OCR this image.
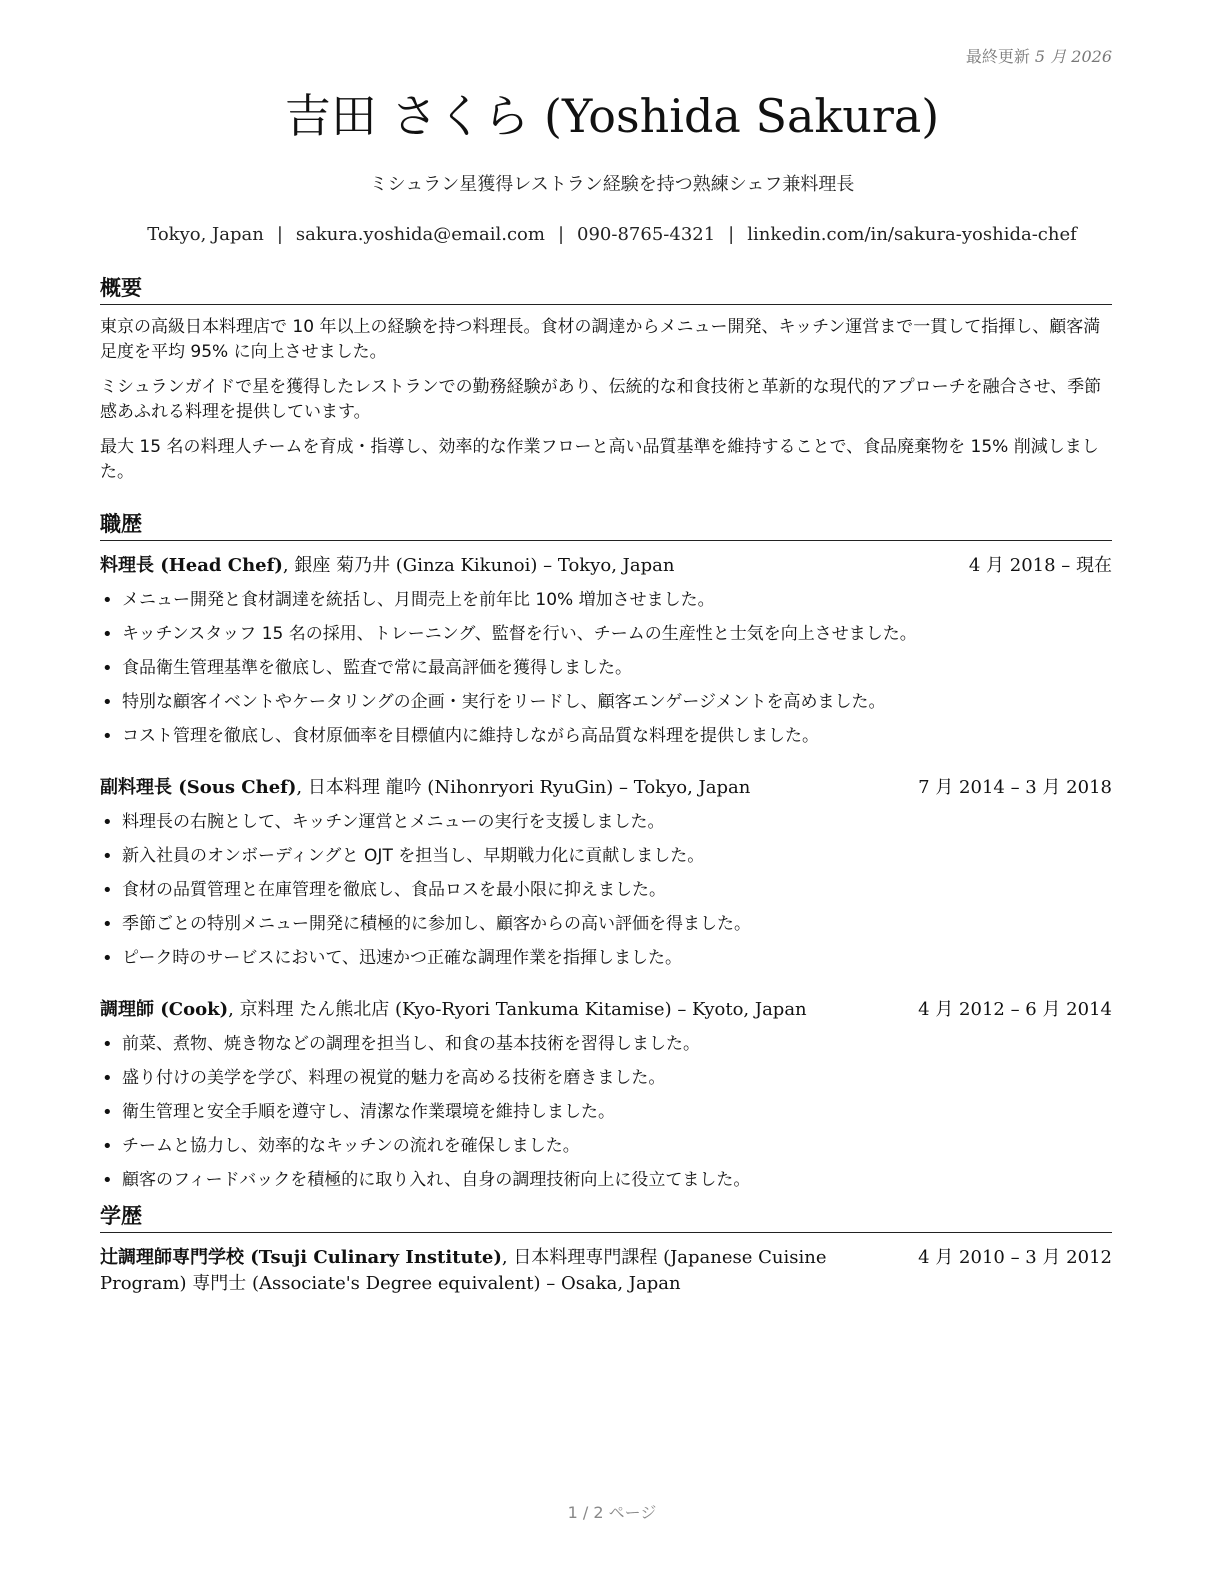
最終更新 5 月 2026
吉田 さくら (Yoshida Sakura)
ミシュラン星獲得レストラン経験を持つ熟練シェフ兼料理長
Tokyo, Japan | sakura.yoshida@email.com | 090-8765-4321 | linkedin.com/in/sakura-yoshida-chef
概要
東京の高級日本料理店で 10 年以上の経験を持つ料理長。食材の調達からメニュー開発、キッチン運営まで一貫して指揮し、顧客満足度を平均 95% に向上させました。
ミシュランガイドで星を獲得したレストランでの勤務経験があり、伝統的な和食技術と革新的な現代的アプローチを融合させ、季節感あふれる料理を提供しています。
最大 15 名の料理人チームを育成・指導し、効率的な作業フローと高い品質基準を維持することで、食品廃棄物を 15% 削減しました。
職歴
料理長 (Head Chef), 銀座 菊乃井 (Ginza Kikunoi) – Tokyo, Japan	4 月 2018 – 現在
• メニュー開発と食材調達を統括し、月間売上を前年比 10% 増加させました。
• キッチンスタッフ 15 名の採用、トレーニング、監督を行い、チームの生産性と士気を向上させました。
• 食品衛生管理基準を徹底し、監査で常に最高評価を獲得しました。
• 特別な顧客イベントやケータリングの企画・実行をリードし、顧客エンゲージメントを高めました。
• コスト管理を徹底し、食材原価率を目標値内に維持しながら高品質な料理を提供しました。
副料理長 (Sous Chef), 日本料理 龍吟 (Nihonryori RyuGin) – Tokyo, Japan	7 月 2014 – 3 月 2018
• 料理長の右腕として、キッチン運営とメニューの実行を支援しました。
• 新入社員のオンボーディングと OJT を担当し、早期戦力化に貢献しました。
• 食材の品質管理と在庫管理を徹底し、食品ロスを最小限に抑えました。
• 季節ごとの特別メニュー開発に積極的に参加し、顧客からの高い評価を得ました。
• ピーク時のサービスにおいて、迅速かつ正確な調理作業を指揮しました。
調理師 (Cook), 京料理 たん熊北店 (Kyo-Ryori Tankuma Kitamise) – Kyoto, Japan	4 月 2012 – 6 月 2014
• 前菜、煮物、焼き物などの調理を担当し、和食の基本技術を習得しました。
• 盛り付けの美学を学び、料理の視覚的魅力を高める技術を磨きました。
• 衛生管理と安全手順を遵守し、清潔な作業環境を維持しました。
• チームと協力し、効率的なキッチンの流れを確保しました。
• 顧客のフィードバックを積極的に取り入れ、自身の調理技術向上に役立てました。
学歴
辻調理師専門学校 (Tsuji Culinary Institute), 日本料理専門課程 (Japanese Cuisine
Program) 専門士 (Associate's Degree equivalent) – Osaka, Japan
4 月 2010 – 3 月 2012
1 / 2 ページ
